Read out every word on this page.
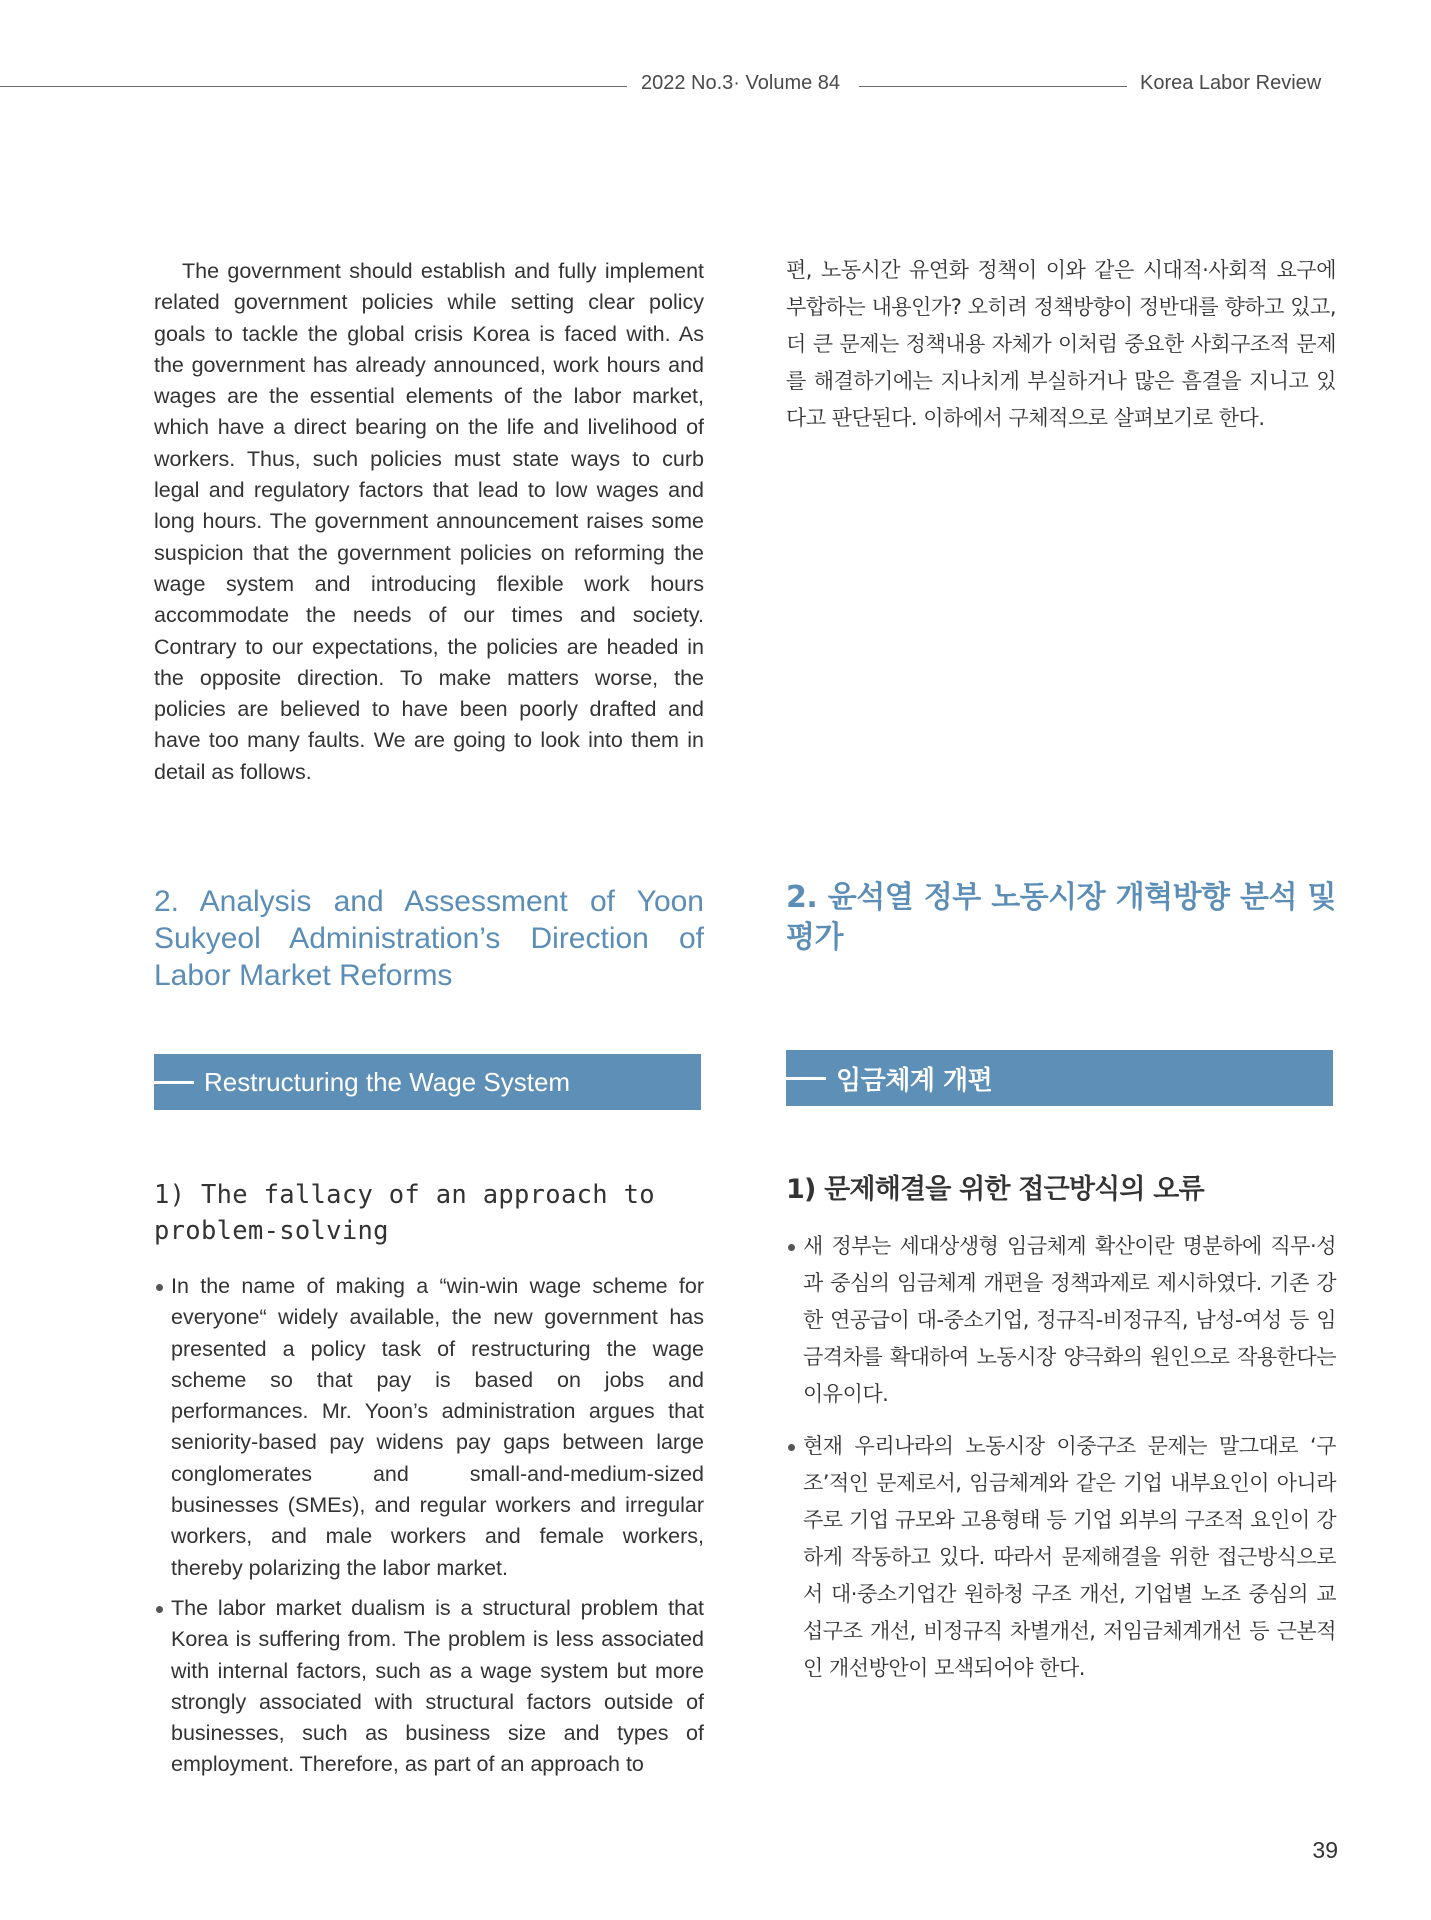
2022 No.3· Volume 84	Korea Labor Review

The government should establish and fully implement related government policies while setting clear policy goals to tackle the global crisis Korea is faced with. As the government has already announced, work hours and wages are the essential elements of the labor market, which have a direct bearing on the life and livelihood of workers. Thus, such policies must state ways to curb legal and regulatory factors that lead to low wages and long hours. The government announcement raises some suspicion that the government policies on reforming the wage system and introducing flexible work hours accommodate the needs of our times and society. Contrary to our expectations, the policies are headed in the opposite direction. To make matters worse, the policies are believed to have been poorly drafted and have too many faults. We are going to look into them in detail as follows.

편, 노동시간 유연화 정책이 이와 같은 시대적·사회적 요구에 부합하는 내용인가? 오히려 정책방향이 정반대를 향하고 있고, 더 큰 문제는 정책내용 자체가 이처럼 중요한 사회구조적 문제를 해결하기에는 지나치게 부실하거나 많은 흠결을 지니고 있다고 판단된다. 이하에서 구체적으로 살펴보기로 한다.

2. Analysis and Assessment of Yoon Sukyeol Administration’s Direction of Labor Market Reforms
2. 윤석열 정부 노동시장 개혁방향 분석 및 평가
Restructuring the Wage System	임금체계 개편
1) The fallacy of an approach to problem-solving
In the name of making a “win-win wage scheme for everyone“ widely available, the new government has presented a policy task of restructuring the wage scheme so that pay is based on jobs and performances. Mr. Yoon’s administration argues that seniority-based pay widens pay gaps between large conglomerates and small-and-medium-sized businesses (SMEs), and regular workers and irregular workers, and male workers and female workers, thereby polarizing the labor market.
The labor market dualism is a structural problem that Korea is suffering from. The problem is less associated with internal factors, such as a wage system but more strongly associated with structural factors outside of businesses, such as business size and types of employment. Therefore, as part of an approach to
1) 문제해결을 위한 접근방식의 오류
새 정부는 세대상생형 임금체계 확산이란 명분하에 직무·성과 중심의 임금체계 개편을 정책과제로 제시하였다. 기존 강한 연공급이 대-중소기업, 정규직-비정규직, 남성-여성 등 임금격차를 확대하여 노동시장 양극화의 원인으로 작용한다는 이유이다.
현재 우리나라의 노동시장 이중구조 문제는 말그대로 ‘구조’적인 문제로서, 임금체계와 같은 기업 내부요인이 아니라 주로 기업 규모와 고용형태 등 기업 외부의 구조적 요인이 강하게 작동하고 있다. 따라서 문제해결을 위한 접근방식으로서 대·중소기업간 원하청 구조 개선, 기업별 노조 중심의 교섭구조 개선, 비정규직 차별개선, 저임금체계개선 등 근본적인 개선방안이 모색되어야 한다.
39
